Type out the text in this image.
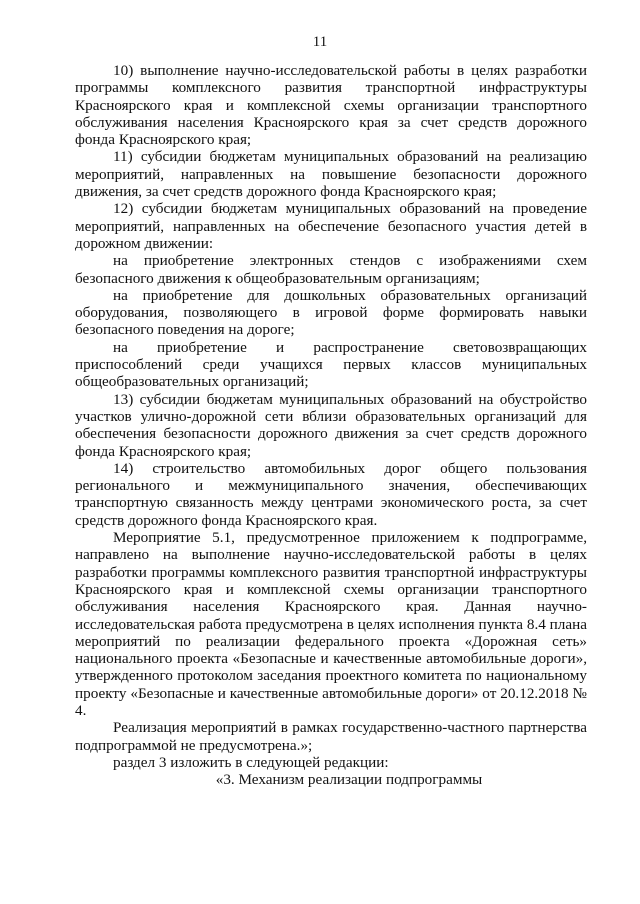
11

10) выполнение научно-исследовательской работы в целях разработки программы комплексного развития транспортной инфраструктуры Красноярского края и комплексной схемы организации транспортного обслуживания населения Красноярского края за счет средств дорожного фонда Красноярского края;

11) субсидии бюджетам муниципальных образований на реализацию мероприятий, направленных на повышение безопасности дорожного движения, за счет средств дорожного фонда Красноярского края;

12) субсидии бюджетам муниципальных образований на проведение мероприятий, направленных на обеспечение безопасного участия детей в дорожном движении:

на приобретение электронных стендов с изображениями схем безопасного движения к общеобразовательным организациям;

на приобретение для дошкольных образовательных организаций оборудования, позволяющего в игровой форме формировать навыки безопасного поведения на дороге;

на приобретение и распространение световозвращающих приспособлений среди учащихся первых классов муниципальных общеобразовательных организаций;

13) субсидии бюджетам муниципальных образований на обустройство участков улично-дорожной сети вблизи образовательных организаций для обеспечения безопасности дорожного движения за счет средств дорожного фонда Красноярского края;

14) строительство автомобильных дорог общего пользования регионального и межмуниципального значения, обеспечивающих транспортную связанность между центрами экономического роста, за счет средств дорожного фонда Красноярского края.

Мероприятие 5.1, предусмотренное приложением к подпрограмме, направлено на выполнение научно-исследовательской работы в целях разработки программы комплексного развития транспортной инфраструктуры Красноярского края и комплексной схемы организации транспортного обслуживания населения Красноярского края. Данная научно-исследовательская работа предусмотрена в целях исполнения пункта 8.4 плана мероприятий по реализации федерального проекта «Дорожная сеть» национального проекта «Безопасные и качественные автомобильные дороги», утвержденного протоколом заседания проектного комитета по национальному проекту «Безопасные и качественные автомобильные дороги» от 20.12.2018 № 4.

Реализация мероприятий в рамках государственно-частного партнерства подпрограммой не предусмотрена.»;

раздел 3 изложить в следующей редакции:

«3. Механизм реализации подпрограммы
